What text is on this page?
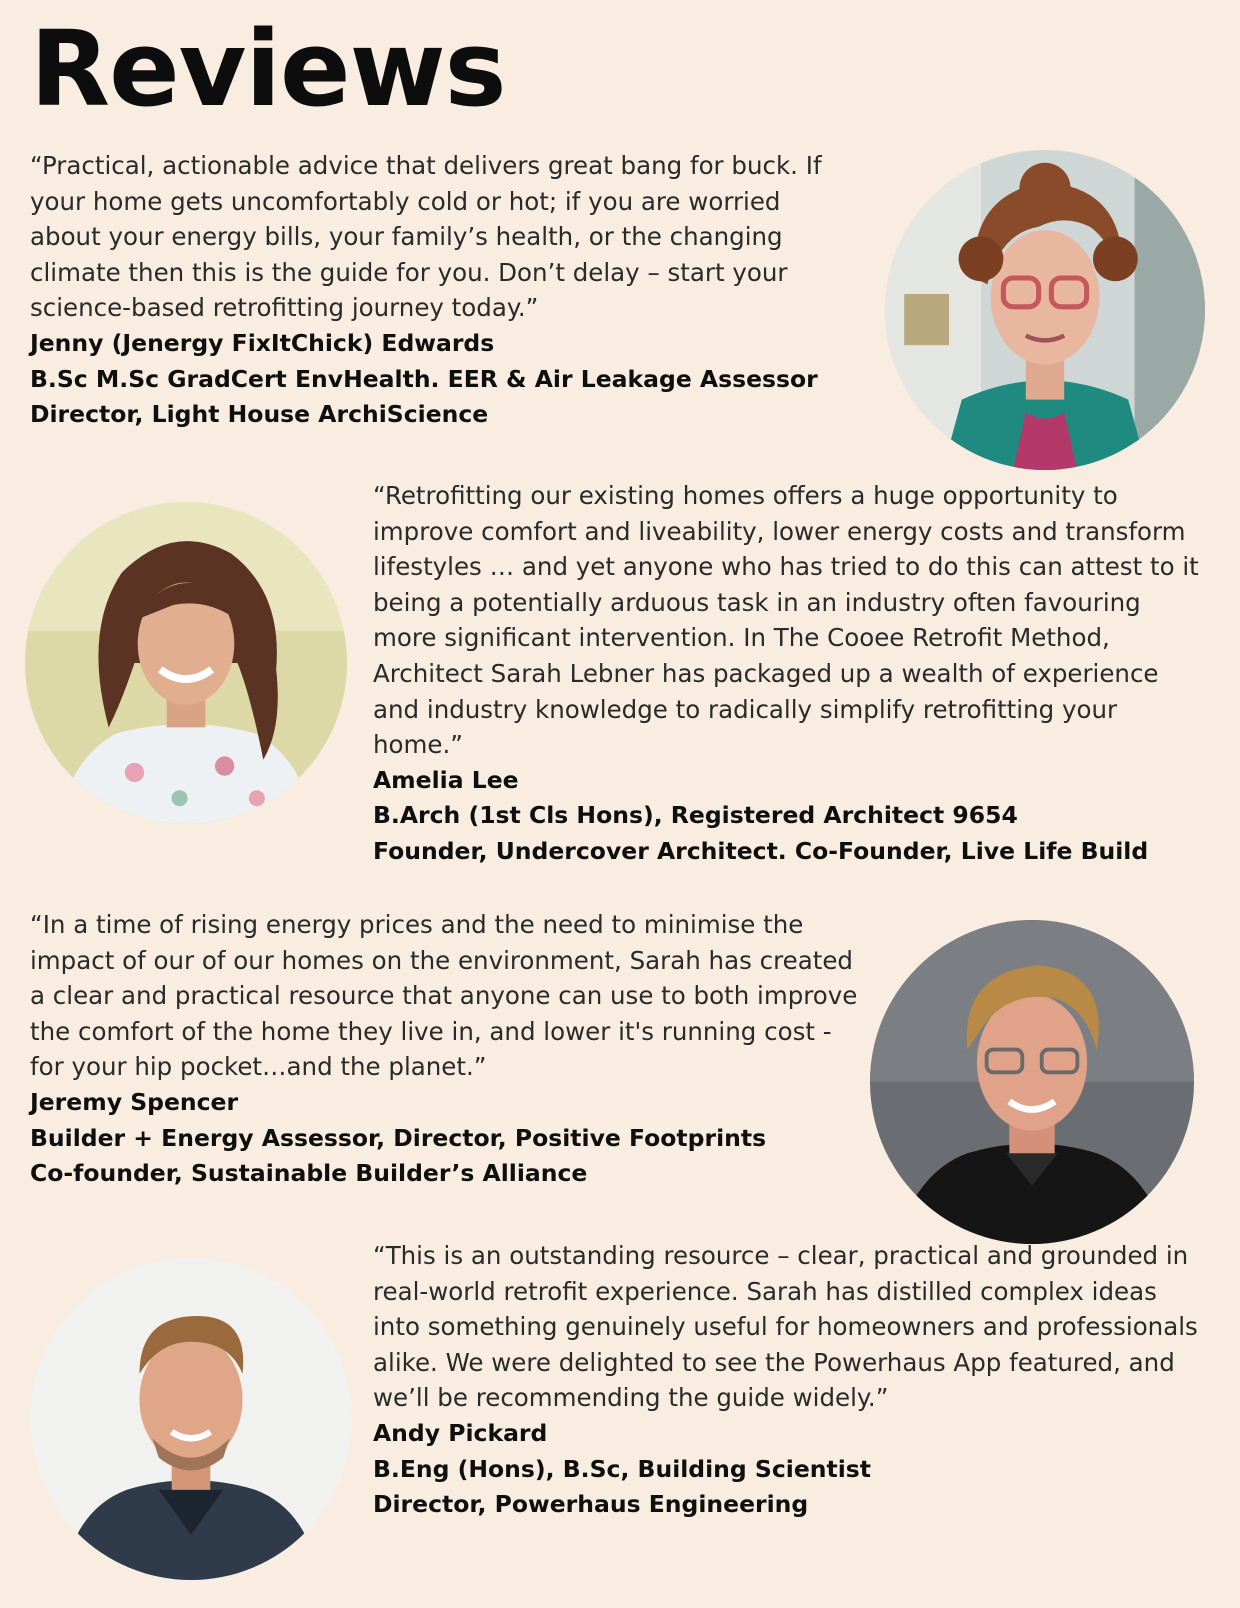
Reviews

“Practical, actionable advice that delivers great bang for buck. If your home gets uncomfortably cold or hot; if you are worried about your energy bills, your family’s health, or the changing climate then this is the guide for you. Don’t delay – start your science-based retrofitting journey today.”

Jenny (Jenergy FixItChick) Edwards

B.Sc M.Sc GradCert EnvHealth. EER & Air Leakage Assessor

Director, Light House ArchiScience

“Retrofitting our existing homes offers a huge opportunity to improve comfort and liveability, lower energy costs and transform lifestyles … and yet anyone who has tried to do this can attest to it being a potentially arduous task in an industry often favouring more significant intervention. In The Cooee Retrofit Method, Architect Sarah Lebner has packaged up a wealth of experience and industry knowledge to radically simplify retrofitting your home.”

Amelia Lee

B.Arch (1st Cls Hons), Registered Architect 9654

Founder, Undercover Architect. Co-Founder, Live Life Build

“In a time of rising energy prices and the need to minimise the impact of our of our homes on the environment, Sarah has created a clear and practical resource that anyone can use to both improve the comfort of the home they live in, and lower it's running cost - for your hip pocket…and the planet.”

Jeremy Spencer

Builder + Energy Assessor, Director, Positive Footprints

Co-founder, Sustainable Builder’s Alliance

“This is an outstanding resource – clear, practical and grounded in real-world retrofit experience. Sarah has distilled complex ideas into something genuinely useful for homeowners and professionals alike. We were delighted to see the Powerhaus App featured, and we’ll be recommending the guide widely.”

Andy Pickard

B.Eng (Hons), B.Sc, Building Scientist

Director, Powerhaus Engineering
